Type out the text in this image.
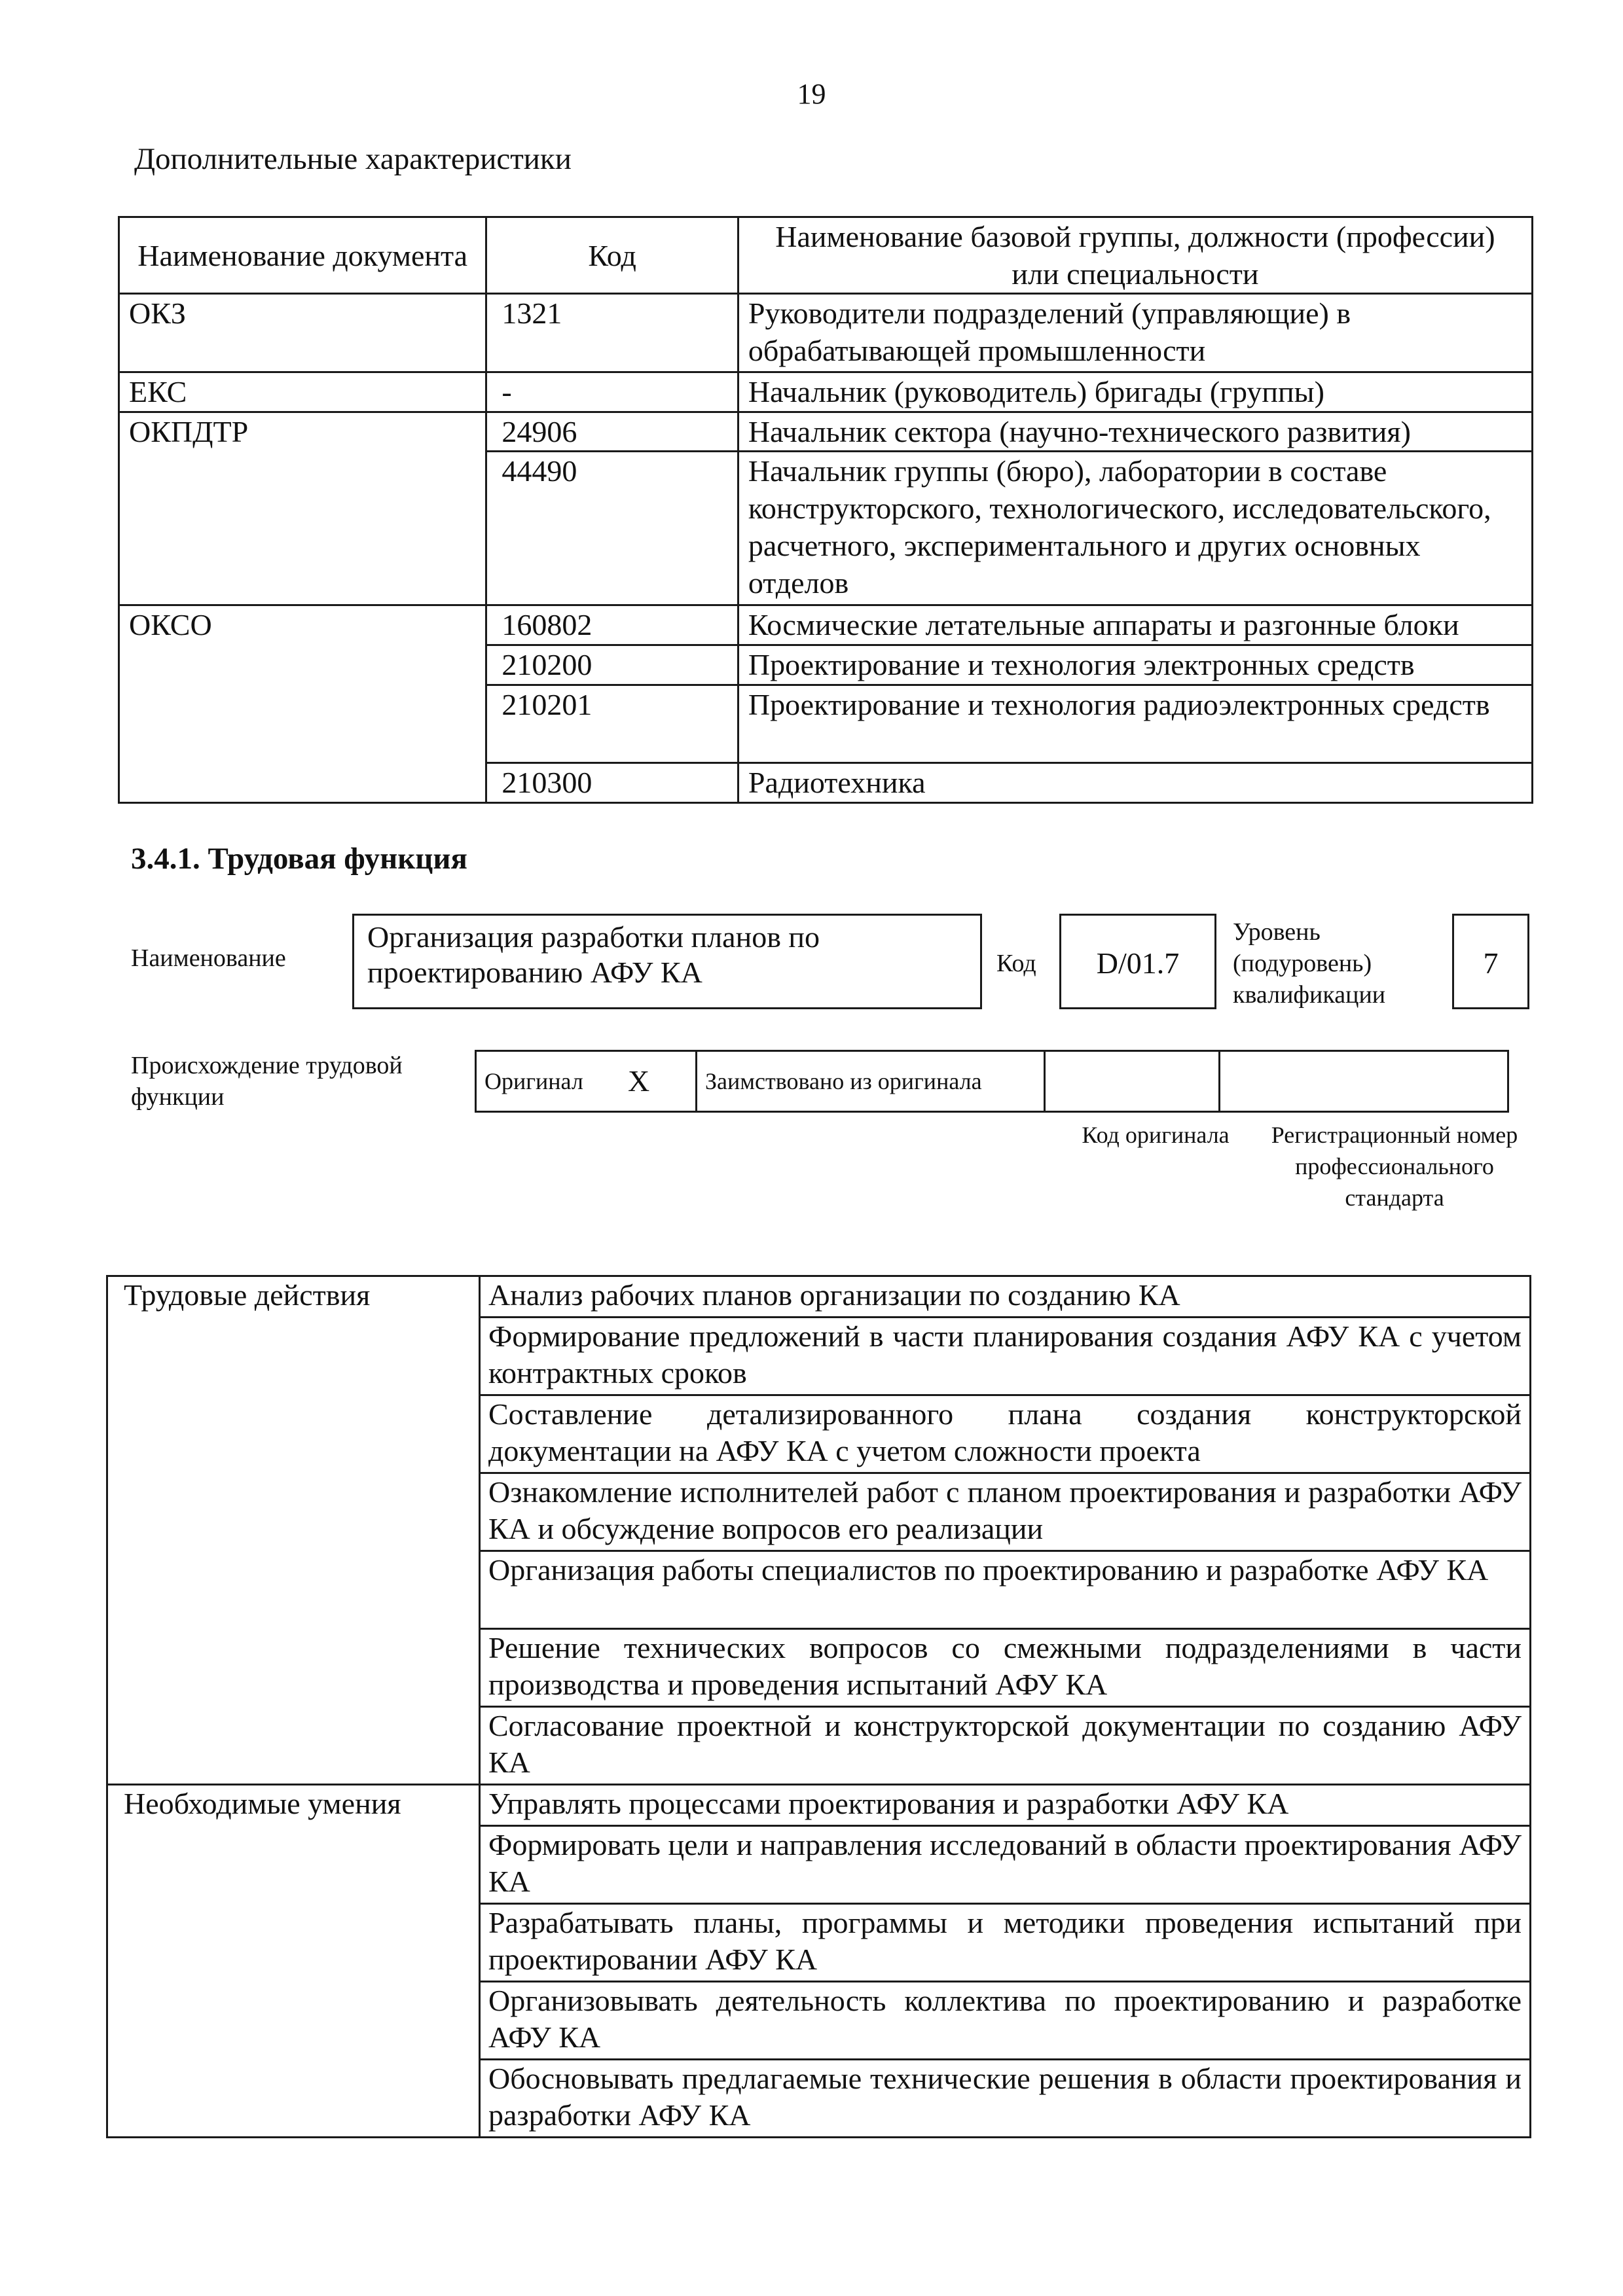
19
Дополнительные характеристики
Наименование документа	Код	Наименование базовой группы, должности (профессии) или специальности
ОКЗ	1321	Руководители подразделений (управляющие) в обрабатывающей промышленности
ЕКС	-	Начальник (руководитель) бригады (группы)
ОКПДТР	24906	Начальник сектора (научно-технического развития)
	44490	Начальник группы (бюро), лаборатории в составе конструкторского, технологического, исследовательского, расчетного, экспериментального и других основных отделов
ОКСО	160802	Космические летательные аппараты и разгонные блоки
	210200	Проектирование и технология электронных средств
	210201	Проектирование и технология радиоэлектронных средств
	210300	Радиотехника
3.4.1. Трудовая функция
Наименование
Организация разработки планов по проектированию АФУ КА	Код	D/01.7
Уровень (подуровень) квалификации
7
Происхождение трудовой функции
Оригинал	X	Заимствовано из оригинала		
Код оригинала	Регистрационный номер профессионального стандарта
Трудовые действия	Анализ рабочих планов организации по созданию КА
	Формирование предложений в части планирования создания АФУ КА с учетом контрактных сроков
	Составление детализированного плана создания конструкторской документации на АФУ КА с учетом сложности проекта
	Ознакомление исполнителей работ с планом проектирования и разработки АФУ КА и обсуждение вопросов его реализации
	Организация работы специалистов по проектированию и разработке АФУ КА
	Решение технических вопросов со смежными подразделениями в части производства и проведения испытаний АФУ КА
	Согласование проектной и конструкторской документации по созданию АФУ КА
Необходимые умения	Управлять процессами проектирования и разработки АФУ КА
	Формировать цели и направления исследований в области проектирования АФУ КА
	Разрабатывать планы, программы и методики проведения испытаний при проектировании АФУ КА
	Организовывать деятельность коллектива по проектированию и разработке АФУ КА
	Обосновывать предлагаемые технические решения в области проектирования и разработки АФУ КА
